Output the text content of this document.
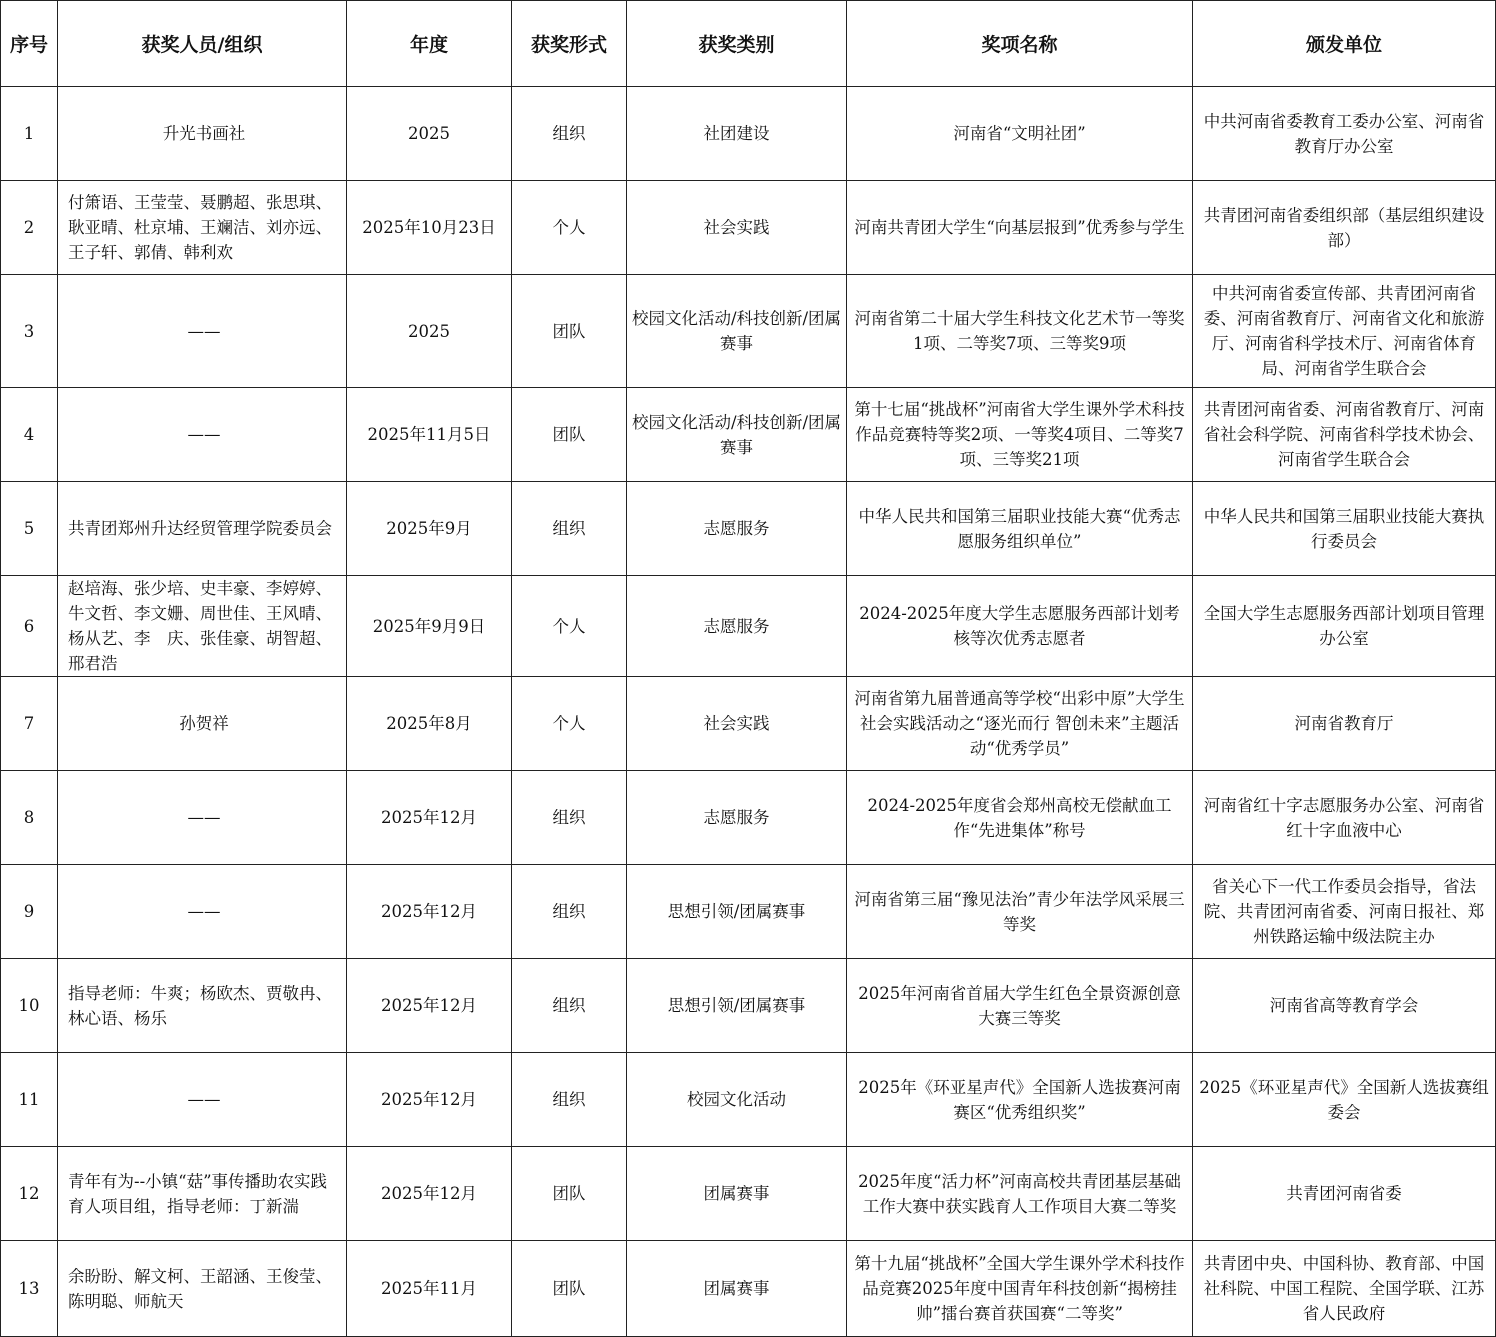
序号	获奖人员/组织	年度	获奖形式	获奖类别	奖项名称	颁发单位
1	升光书画社	2025	组织	社团建设	河南省“文明社团”	中共河南省委教育工委办公室、河南省教育厅办公室
2	付箫语、王莹莹、聂鹏超、张思琪、耿亚晴、杜京埔、王斓洁、刘亦远、王子轩、郭倩、韩利欢	2025年10月23日	个人	社会实践	河南共青团大学生“向基层报到”优秀参与学生	共青团河南省委组织部（基层组织建设部）
3	——	2025	团队	校园文化活动/科技创新/团属赛事	河南省第二十届大学生科技文化艺术节一等奖1项、二等奖7项、三等奖9项	中共河南省委宣传部、共青团河南省委、河南省教育厅、河南省文化和旅游厅、河南省科学技术厅、河南省体育局、河南省学生联合会
4	——	2025年11月5日	团队	校园文化活动/科技创新/团属赛事	第十七届“挑战杯”河南省大学生课外学术科技作品竞赛特等奖2项、一等奖4项目、二等奖7项、三等奖21项	共青团河南省委、河南省教育厅、河南省社会科学院、河南省科学技术协会、河南省学生联合会
5	共青团郑州升达经贸管理学院委员会	2025年9月	组织	志愿服务	中华人民共和国第三届职业技能大赛“优秀志愿服务组织单位”	中华人民共和国第三届职业技能大赛执行委员会
6	赵培海、张少培、史丰豪、李婷婷、牛文哲、李文姗、周世佳、王风晴、杨从艺、李　庆、张佳豪、胡智超、邢君浩	2025年9月9日	个人	志愿服务	2024-2025年度大学生志愿服务西部计划考核等次优秀志愿者	全国大学生志愿服务西部计划项目管理办公室
7	孙贺祥	2025年8月	个人	社会实践	河南省第九届普通高等学校“出彩中原”大学生社会实践活动之“逐光而行 智创未来”主题活动“优秀学员”	河南省教育厅
8	——	2025年12月	组织	志愿服务	2024-2025年度省会郑州高校无偿献血工作“先进集体”称号	河南省红十字志愿服务办公室、河南省红十字血液中心
9	——	2025年12月	组织	思想引领/团属赛事	河南省第三届“豫见法治”青少年法学风采展三等奖	省关心下一代工作委员会指导，省法院、共青团河南省委、河南日报社、郑州铁路运输中级法院主办
10	指导老师：牛爽；杨欧杰、贾敬冉、林心语、杨乐	2025年12月	组织	思想引领/团属赛事	2025年河南省首届大学生红色全景资源创意大赛三等奖	河南省高等教育学会
11	——	2025年12月	组织	校园文化活动	2025年《环亚星声代》全国新人选拔赛河南赛区“优秀组织奖”	2025《环亚星声代》全国新人选拔赛组委会
12	青年有为--小镇“菇”事传播助农实践育人项目组，指导老师：丁新湍	2025年12月	团队	团属赛事	2025年度“活力杯”河南高校共青团基层基础工作大赛中获实践育人工作项目大赛二等奖	共青团河南省委
13	余盼盼、解文柯、王韶涵、王俊莹、陈明聪、师航天	2025年11月	团队	团属赛事	第十九届“挑战杯”全国大学生课外学术科技作品竞赛2025年度中国青年科技创新“揭榜挂帅”擂台赛首获国赛“二等奖”	共青团中央、中国科协、教育部、中国社科院、中国工程院、全国学联、江苏省人民政府
